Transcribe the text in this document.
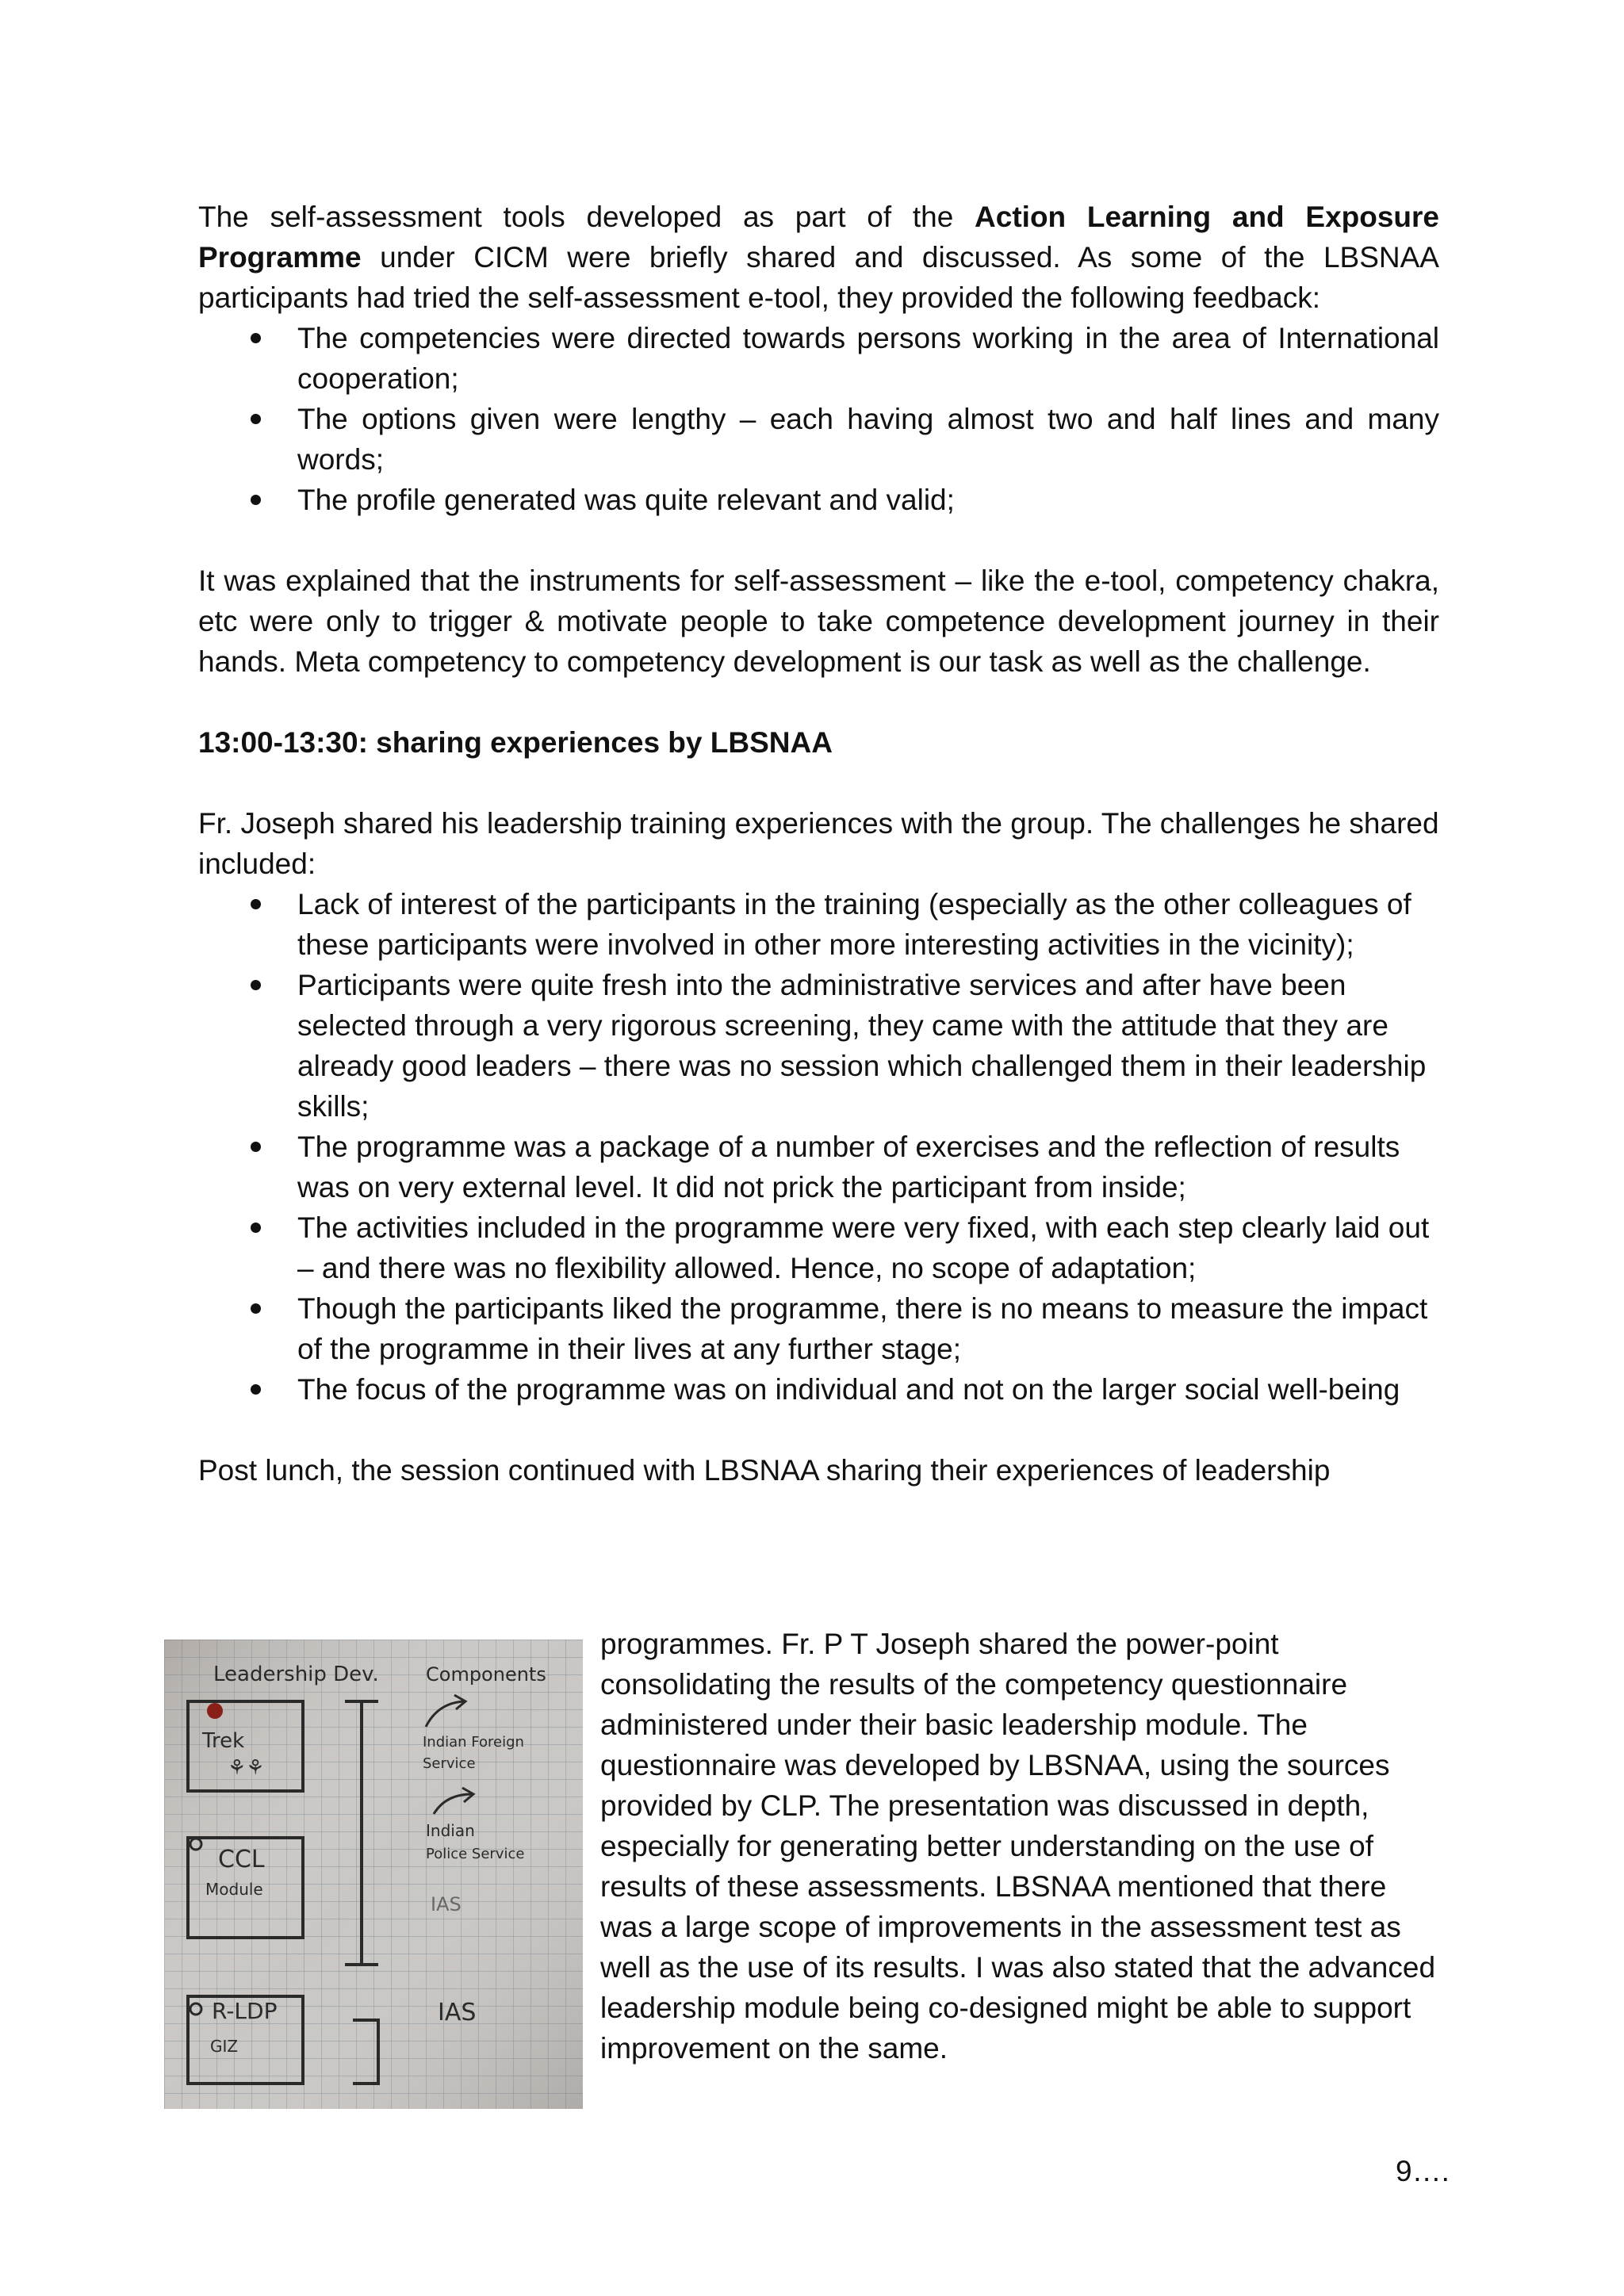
The self-assessment tools developed as part of the Action Learning and Exposure Programme under CICM were briefly shared and discussed. As some of the LBSNAA participants had tried the self-assessment e-tool, they provided the following feedback:

The competencies were directed towards persons working in the area of International cooperation;
The options given were lengthy – each having almost two and half lines and many words;
The profile generated was quite relevant and valid;

It was explained that the instruments for self-assessment – like the e-tool, competency chakra, etc were only to trigger & motivate people to take competence development journey in their hands. Meta competency to competency development is our task as well as the challenge.

13:00-13:30: sharing experiences by LBSNAA

Fr. Joseph shared his leadership training experiences with the group. The challenges he shared included:

Lack of interest of the participants in the training (especially as the other colleagues of these participants were involved in other more interesting activities in the vicinity);
Participants were quite fresh into the administrative services and after have been selected through a very rigorous screening, they came with the attitude that they are already good leaders – there was no session which challenged them in their leadership skills;
The programme was a package of a number of exercises and the reflection of results was on very external level. It did not prick the participant from inside;
The activities included in the programme were very fixed, with each step clearly laid out – and there was no flexibility allowed. Hence, no scope of adaptation;
Though the participants liked the programme, there is no means to measure the impact of the programme in their lives at any further stage;
The focus of the programme was on individual and not on the larger social well-being

Post lunch, the session continued with LBSNAA sharing their experiences of leadership

Leadership Dev. Components
Trek
⚘⚘
CCL
Module
R-LDP
GIZ
Indian Foreign
Service
Indian
Police Service
IAS
IAS

programmes. Fr. P T Joseph shared the power-point consolidating the results of the competency questionnaire administered under their basic leadership module. The questionnaire was developed by LBSNAA, using the sources provided by CLP. The presentation was discussed in depth, especially for generating better understanding on the use of results of these assessments. LBSNAA mentioned that there was a large scope of improvements in the assessment test as well as the use of its results. I was also stated that the advanced leadership module being co-designed might be able to support improvement on the same.

9….
